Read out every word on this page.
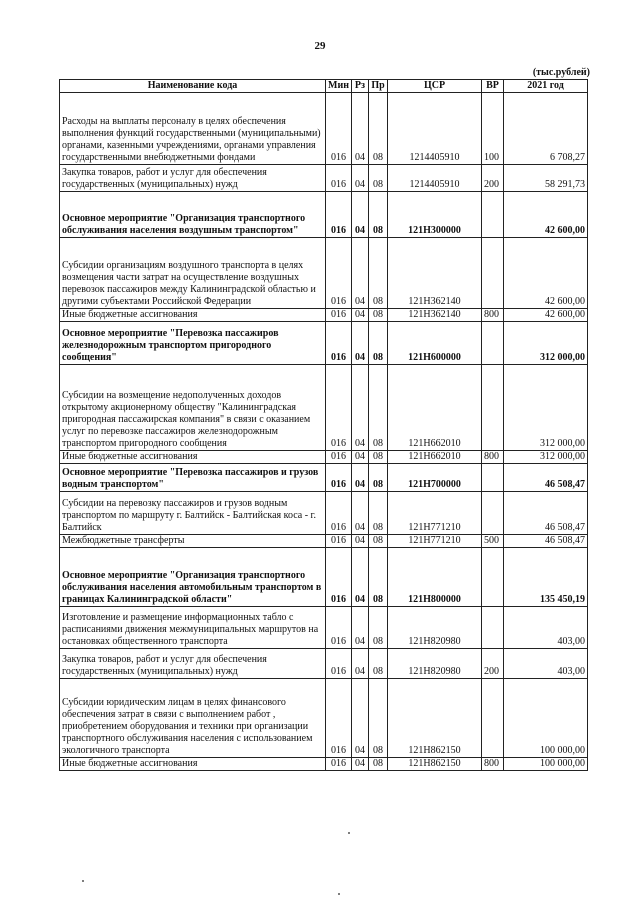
29
(тыс.рублей)
Наименование кода	Мин	Рз	Пр	ЦСР	ВР	2021 год
Расходы на выплаты персоналу в целях обеспечения выполнения функций государственными (муниципальными) органами, казенными учреждениями, органами управления государственными внебюджетными фондами	016	04	08	1214405910	100	6 708,27
Закупка товаров, работ и услуг для обеспечения государственных (муниципальных) нужд	016	04	08	1214405910	200	58 291,73
Основное мероприятие "Организация транспортного обслуживания населения воздушным транспортом"	016	04	08	121Н300000		42 600,00
Субсидии организациям воздушного транспорта в целях возмещения части затрат на осуществление воздушных перевозок пассажиров между Калининградской областью и другими субъектами Российской Федерации	016	04	08	121Н362140		42 600,00
Иные бюджетные ассигнования	016	04	08	121Н362140	800	42 600,00
Основное мероприятие "Перевозка пассажиров железнодорожным транспортом пригородного сообщения"	016	04	08	121Н600000		312 000,00
Субсидии на возмещение недополученных доходов открытому акционерному обществу "Калининградская пригородная пассажирская компания" в связи с оказанием услуг по перевозке пассажиров железнодорожным транспортом пригородного сообщения	016	04	08	121Н662010		312 000,00
Иные бюджетные ассигнования	016	04	08	121Н662010	800	312 000,00
Основное мероприятие "Перевозка пассажиров и грузов водным транспортом"	016	04	08	121Н700000		46 508,47
Субсидии на перевозку пассажиров и грузов водным транспортом по маршруту г. Балтийск - Балтийская коса - г. Балтийск	016	04	08	121Н771210		46 508,47
Межбюджетные трансферты	016	04	08	121Н771210	500	46 508,47
Основное мероприятие "Организация транспортного обслуживания населения автомобильным транспортом в границах Калининградской области"	016	04	08	121Н800000		135 450,19
Изготовление и размещение информационных табло с расписаниями движения межмуниципальных маршрутов на остановках общественного транспорта	016	04	08	121Н820980		403,00
Закупка товаров, работ и услуг для обеспечения государственных (муниципальных) нужд	016	04	08	121Н820980	200	403,00
Субсидии юридическим лицам в целях финансового обеспечения затрат в связи с выполнением работ , приобретением оборудования и техники при организации транспортного обслуживания населения с использованием экологичного транспорта	016	04	08	121Н862150		100 000,00
Иные бюджетные ассигнования	016	04	08	121Н862150	800	100 000,00
